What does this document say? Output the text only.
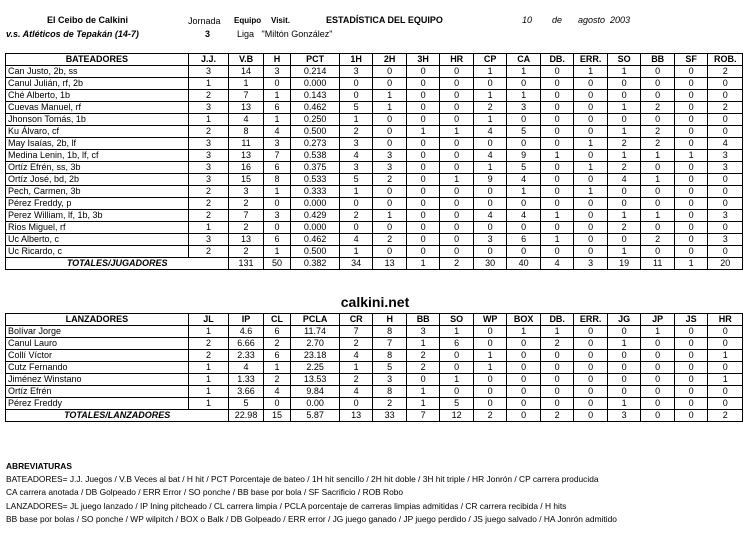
El Ceibo de Calkini	Jornada Equipo Visit.	ESTADÍSTICA DEL EQUIPO	10 de agosto  2003
v.s. Atléticos de Tepakán (14-7)	3	Liga   "Miltón González"
BATEADORES	J.J.	V.B	H	PCT	1H	2H	3H	HR	CP	CA	DB.	ERR.	SO	BB	SF	ROB.
Can Justo, 2b, ss	3	14	3	0.214	3	0	0	0	1	1	0	1	1	0	0	2
Canul Julián, rf, 2b	1	1	0	0.000	0	0	0	0	0	0	0	0	0	0	0	0
Ché Alberto, 1b	2	7	1	0.143	0	1	0	0	1	1	0	0	0	0	0	0
Cuevas Manuel, rf	3	13	6	0.462	5	1	0	0	2	3	0	0	1	2	0	2
Jhonson Tomás, 1b	1	4	1	0.250	1	0	0	0	1	0	0	0	0	0	0	0
Ku Álvaro, cf	2	8	4	0.500	2	0	1	1	4	5	0	0	1	2	0	0
May Isaías, 2b, lf	3	11	3	0.273	3	0	0	0	0	0	0	1	2	2	0	4
Medina Lenin, 1b, lf, cf	3	13	7	0.538	4	3	0	0	4	9	1	0	1	1	1	3
Ortíz Efrén, ss, 3b	3	16	6	0.375	3	3	0	0	1	5	0	1	2	0	0	3
Ortíz José, bd, 2b	3	15	8	0.533	5	2	0	1	9	4	0	0	4	1	0	0
Pech, Carmen, 3b	2	3	1	0.333	1	0	0	0	0	1	0	1	0	0	0	0
Pérez Freddy, p	2	2	0	0.000	0	0	0	0	0	0	0	0	0	0	0	0
Perez William, lf, 1b, 3b	2	7	3	0.429	2	1	0	0	4	4	1	0	1	1	0	3
Rios Miguel, rf	1	2	0	0.000	0	0	0	0	0	0	0	0	2	0	0	0
Uc Alberto, c	3	13	6	0.462	4	2	0	0	3	6	1	0	0	2	0	3
Uc Ricardo, c	2	2	1	0.500	1	0	0	0	0	0	0	0	1	0	0	0
TOTALES/JUGADORES		131	50	0.382	34	13	1	2	30	40	4	3	19	11	1	20
calkini.net
LANZADORES	JL	IP	CL	PCLA	CR	H	BB	SO	WP	BOX	DB.	ERR.	JG	JP	JS	HR
Bolívar Jorge	1	4.6	6	11.74	7	8	3	1	0	1	1	0	0	1	0	0
Canul Lauro	2	6.66	2	2.70	2	7	1	6	0	0	2	0	1	0	0	0
Collí Víctor	2	2.33	6	23.18	4	8	2	0	1	0	0	0	0	0	0	1
Cutz Fernando	1	4	1	2.25	1	5	2	0	1	0	0	0	0	0	0	0
Jiménez Winstano	1	1.33	2	13.53	2	3	0	1	0	0	0	0	0	0	0	1
Ortíz Efrén	1	3.66	4	9.84	4	8	1	0	0	0	0	0	0	0	0	0
Pérez Freddy	1	5	0	0.00	0	2	1	5	0	0	0	0	1	0	0	0
TOTALES/LANZADORES		22.98	15	5.87	13	33	7	12	2	0	2	0	3	0	0	2
ABREVIATURAS
BATEADORES= J.J. Juegos / V.B Veces al bat / H hit / PCT Porcentaje de bateo / 1H hit sencillo / 2H hit doble / 3H hit triple / HR Jonrón / CP carrera producida
CA carrera anotada / DB Golpeado / ERR Error / SO ponche / BB base por bola / SF Sacrificio / ROB Robo
LANZADORES= JL juego lanzado / IP Ining pitcheado / CL carrera limpia / PCLA porcentaje de carreras limpias admitidas / CR carrera recibida / H hits
BB base por bolas / SO ponche / WP wilpitch / BOX o Balk / DB Golpeado / ERR error / JG juego ganado / JP juego perdido / JS juego salvado / HA Jonrón admitido
